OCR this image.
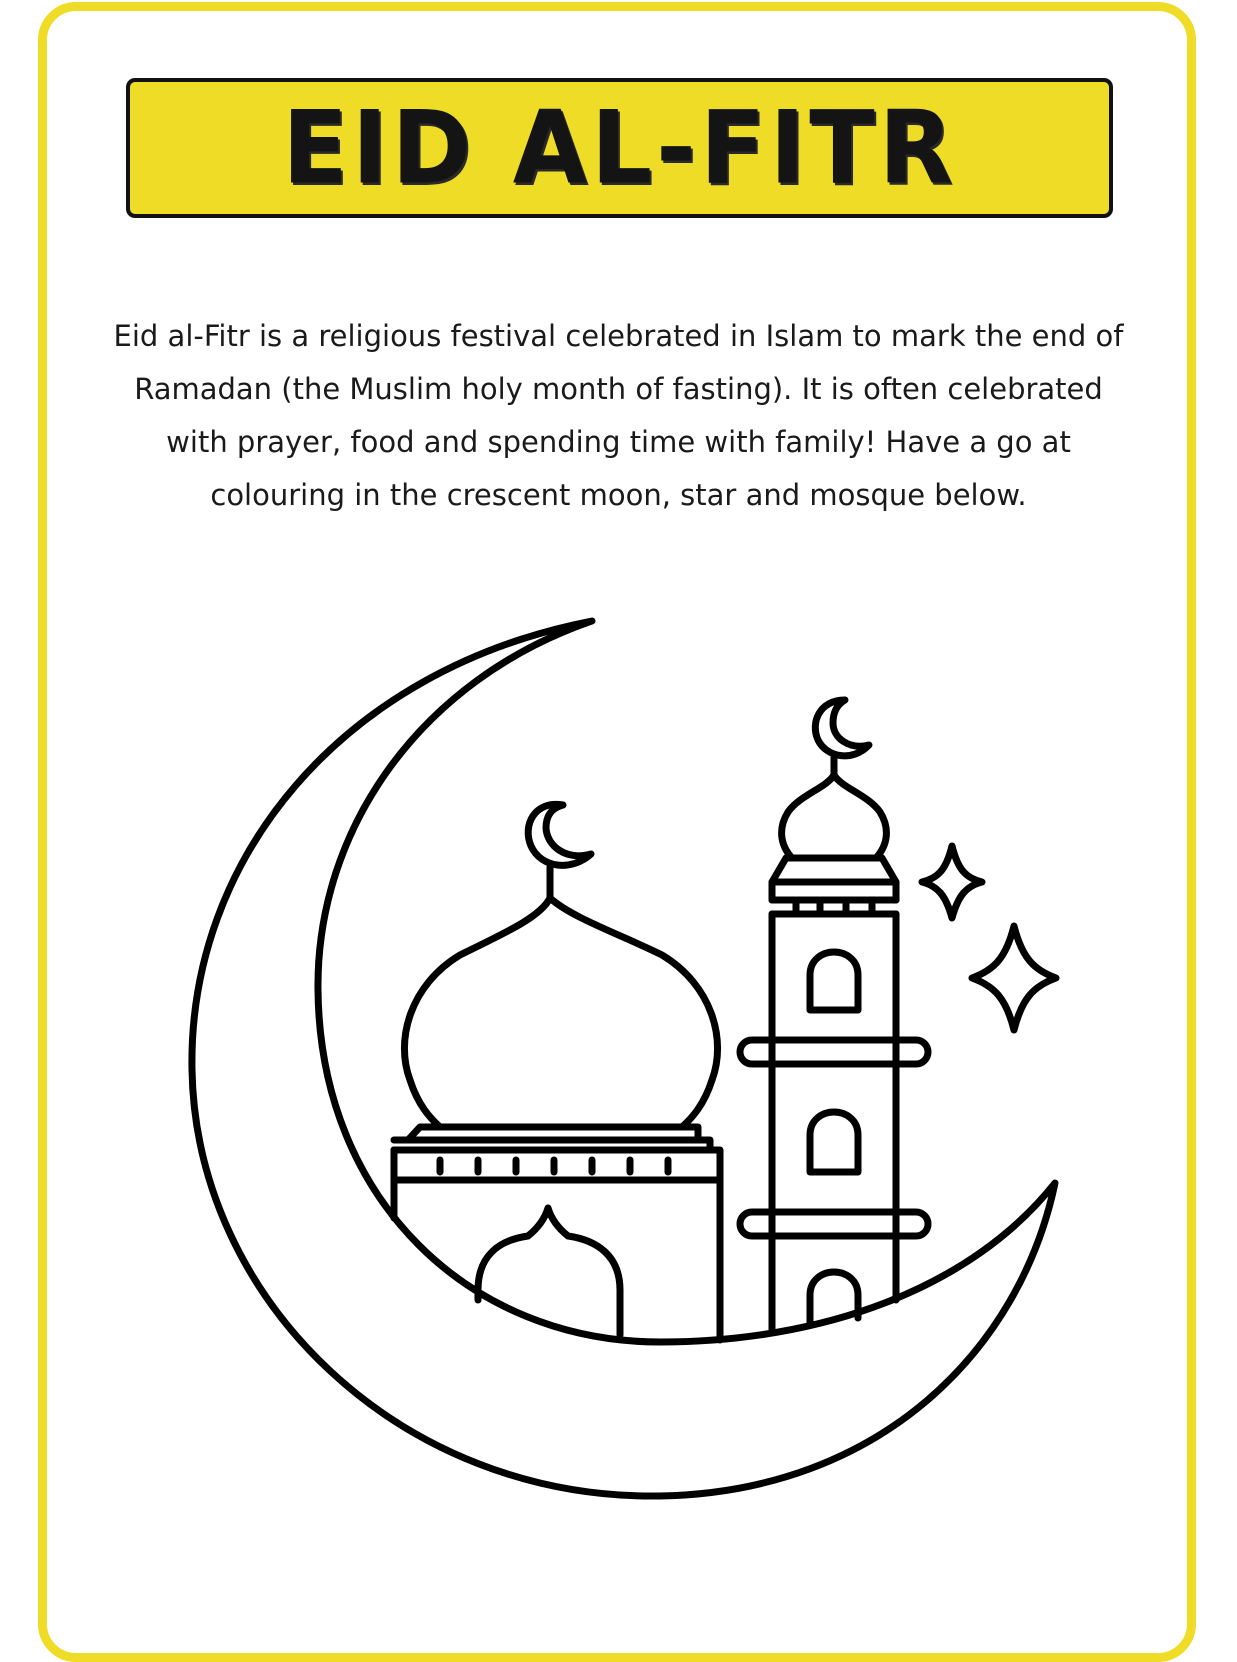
EID AL-FITR

Eid al-Fitr is a religious festival celebrated in Islam to mark the end of Ramadan (the Muslim holy month of fasting). It is often celebrated with prayer, food and spending time with family! Have a go at colouring in the crescent moon, star and mosque below.
